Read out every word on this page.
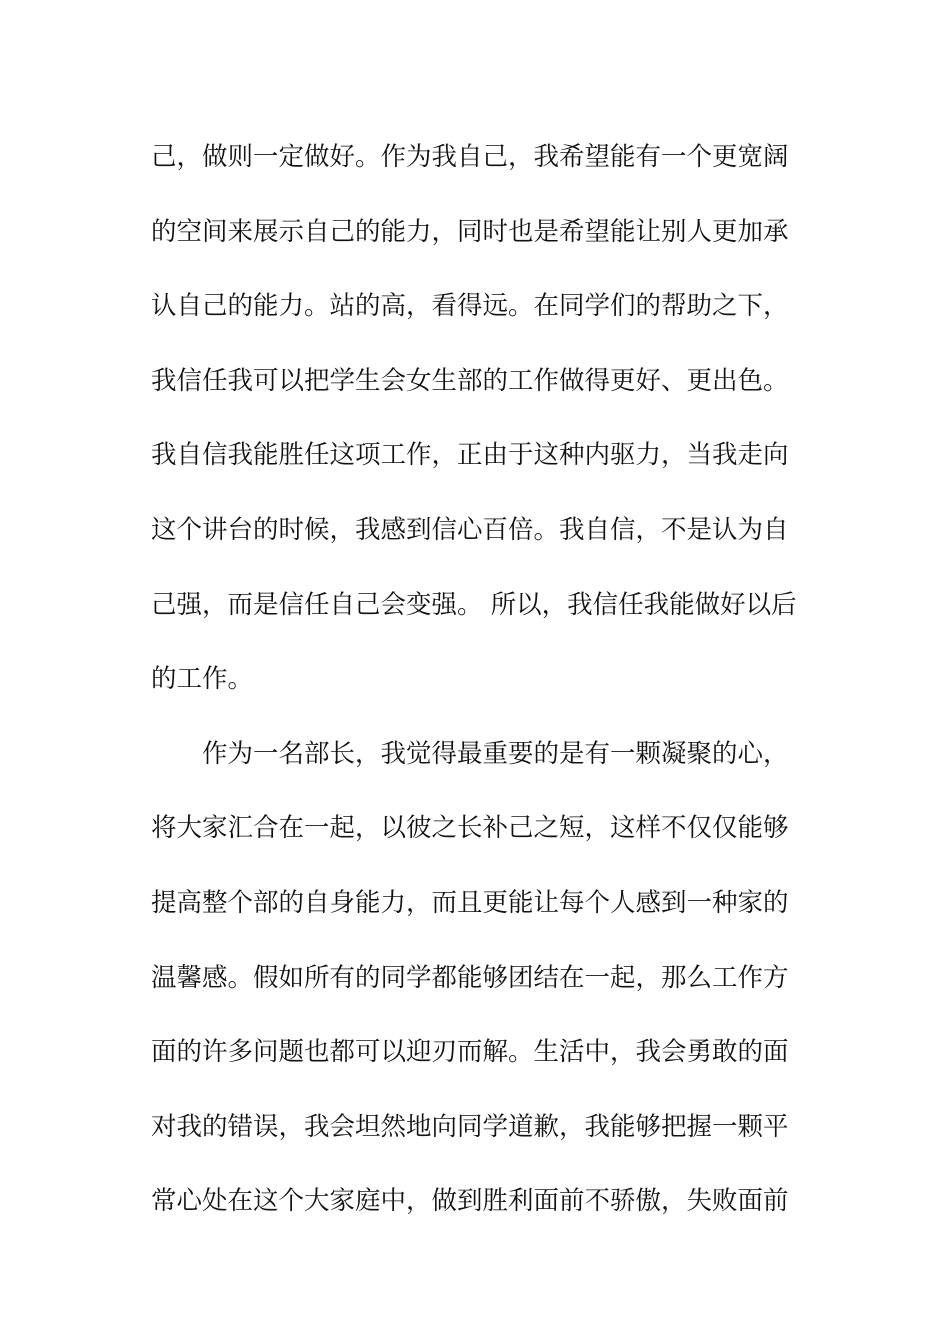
己，做则一定做好。作为我自己，我希望能有一个更宽阔
的空间来展示自己的能力，同时也是希望能让别人更加承
认自己的能力。站的高，看得远。在同学们的帮助之下，
我信任我可以把学生会女生部的工作做得更好、更出色。
我自信我能胜任这项工作，正由于这种内驱力，当我走向
这个讲台的时候，我感到信心百倍。我自信，不是认为自
己强，而是信任自己会变强。 所以，我信任我能做好以后
的工作。
　　作为一名部长，我觉得最重要的是有一颗凝聚的心，
将大家汇合在一起，以彼之长补己之短，这样不仅仅能够
提高整个部的自身能力，而且更能让每个人感到一种家的
温馨感。假如所有的同学都能够团结在一起，那么工作方
面的许多问题也都可以迎刃而解。生活中，我会勇敢的面
对我的错误，我会坦然地向同学道歉，我能够把握一颗平
常心处在这个大家庭中，做到胜利面前不骄傲，失败面前
